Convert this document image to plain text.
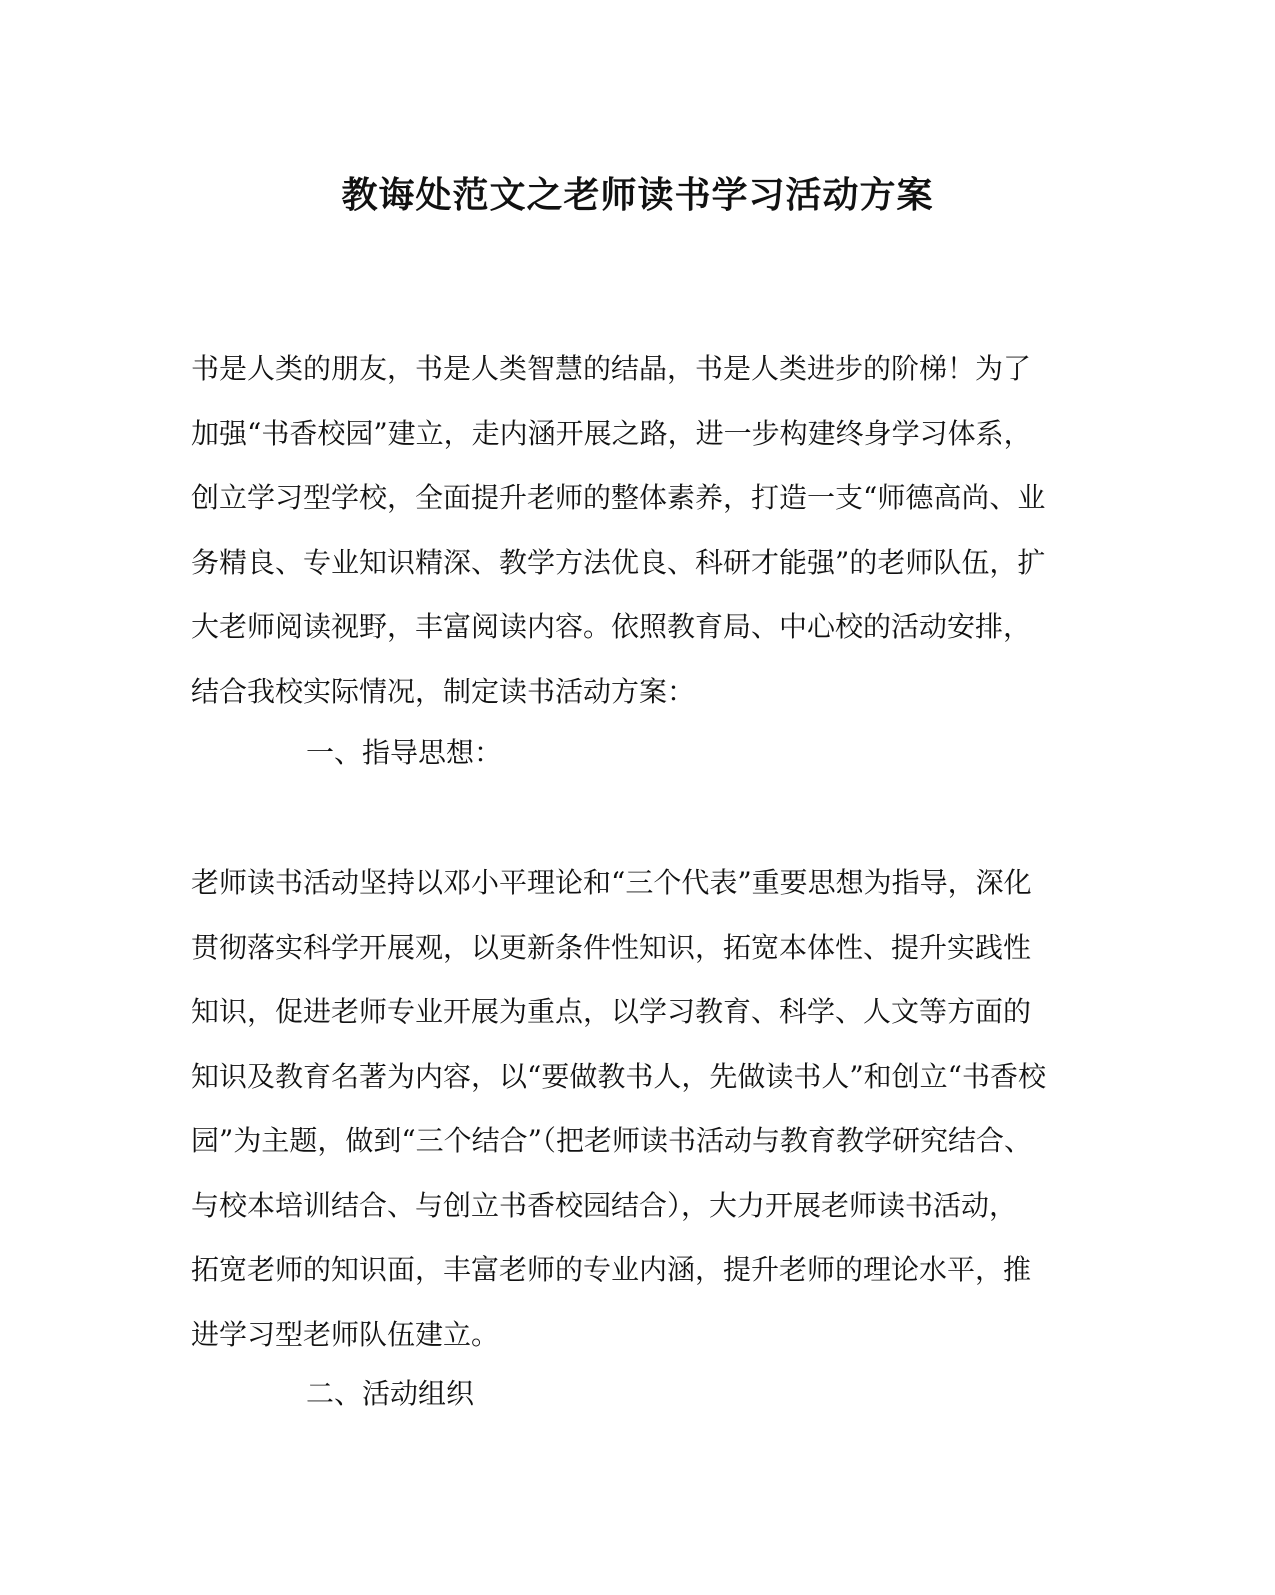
教诲处范文之老师读书学习活动方案
书是人类的朋友，书是人类智慧的结晶，书是人类进步的阶梯！为了
加强“书香校园”建立，走内涵开展之路，进一步构建终身学习体系，
创立学习型学校，全面提升老师的整体素养，打造一支“师德高尚、业
务精良、专业知识精深、教学方法优良、科研才能强”的老师队伍，扩
大老师阅读视野，丰富阅读内容。依照教育局、中心校的活动安排，
结合我校实际情况，制定读书活动方案：
一、指导思想：
老师读书活动坚持以邓小平理论和“三个代表”重要思想为指导，深化
贯彻落实科学开展观，以更新条件性知识，拓宽本体性、提升实践性
知识，促进老师专业开展为重点，以学习教育、科学、人文等方面的
知识及教育名著为内容，以“要做教书人，先做读书人”和创立“书香校
园”为主题，做到“三个结合”（把老师读书活动与教育教学研究结合、
与校本培训结合、与创立书香校园结合），大力开展老师读书活动，
拓宽老师的知识面，丰富老师的专业内涵，提升老师的理论水平，推
进学习型老师队伍建立。
二、活动组织
